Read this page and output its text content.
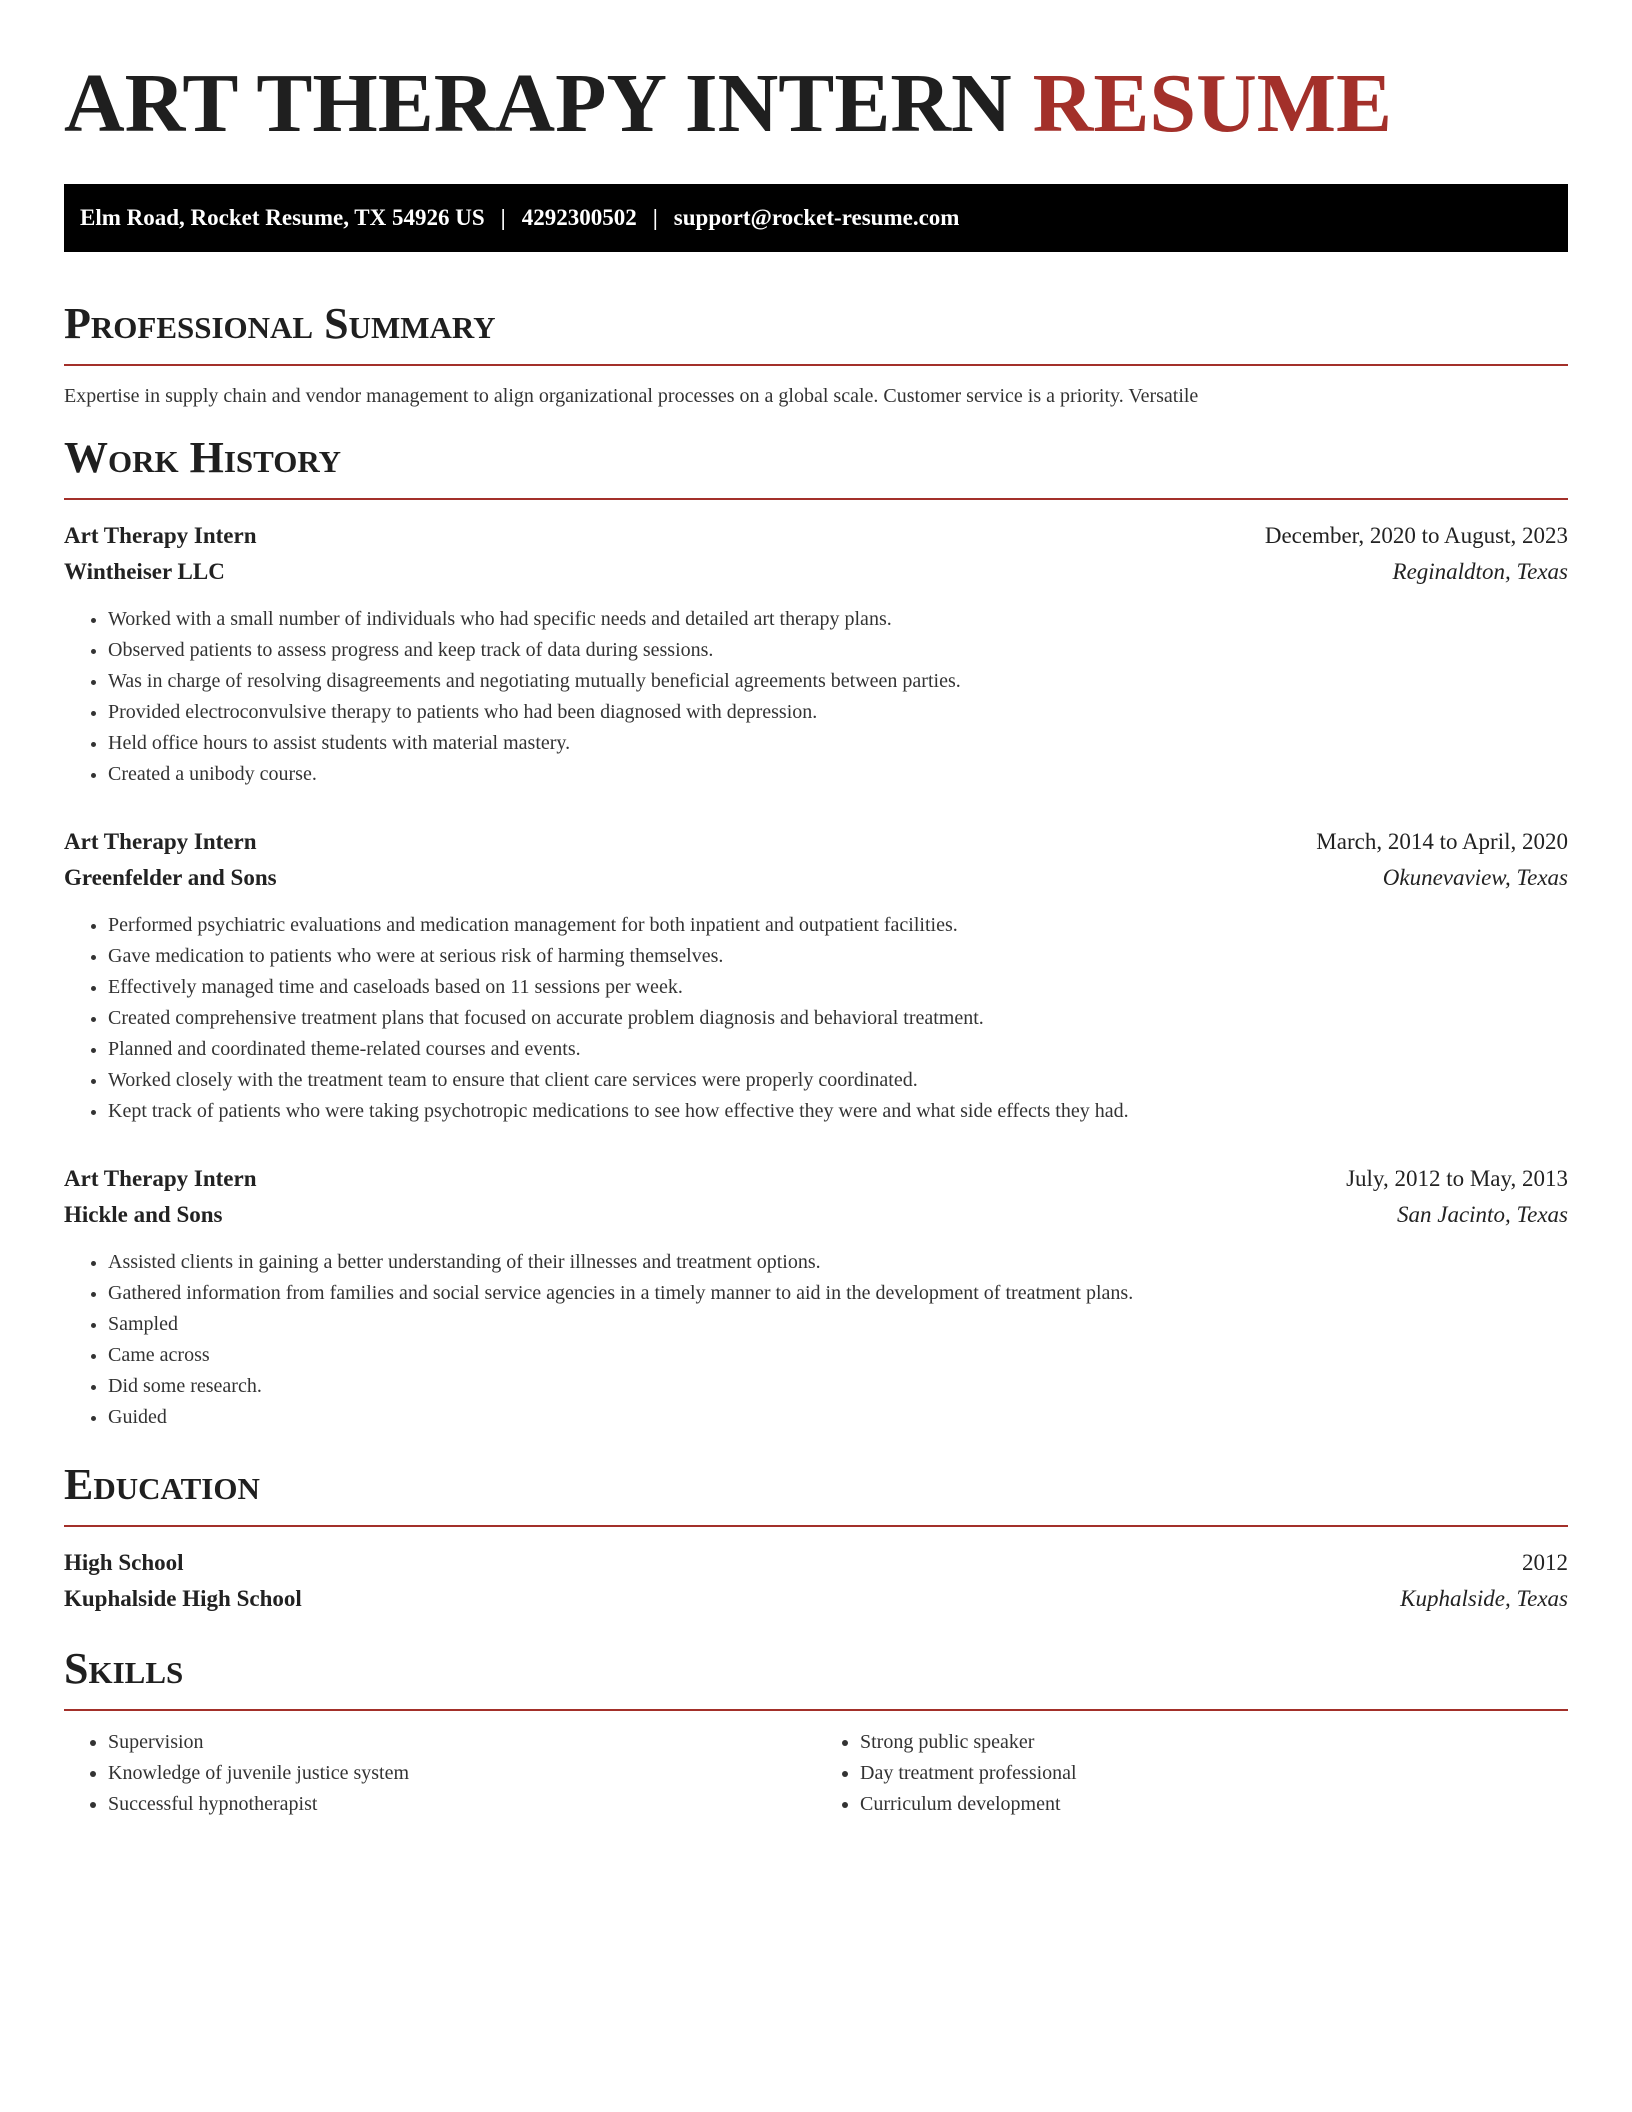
ART THERAPY INTERN RESUME
Elm Road, Rocket Resume, TX 54926 US | 4292300502 | support@rocket-resume.com
Professional Summary

Expertise in supply chain and vendor management to align organizational processes on a global scale. Customer service is a priority. Versatile

Work History
Art Therapy Intern	December, 2020 to August, 2023
Wintheiser LLC	Reginaldton, Texas
• Worked with a small number of individuals who had specific needs and detailed art therapy plans.
• Observed patients to assess progress and keep track of data during sessions.
• Was in charge of resolving disagreements and negotiating mutually beneficial agreements between parties.
• Provided electroconvulsive therapy to patients who had been diagnosed with depression.
• Held office hours to assist students with material mastery.
• Created a unibody course.
Art Therapy Intern	March, 2014 to April, 2020
Greenfelder and Sons	Okunevaview, Texas
• Performed psychiatric evaluations and medication management for both inpatient and outpatient facilities.
• Gave medication to patients who were at serious risk of harming themselves.
• Effectively managed time and caseloads based on 11 sessions per week.
• Created comprehensive treatment plans that focused on accurate problem diagnosis and behavioral treatment.
• Planned and coordinated theme-related courses and events.
• Worked closely with the treatment team to ensure that client care services were properly coordinated.
• Kept track of patients who were taking psychotropic medications to see how effective they were and what side effects they had.
Art Therapy Intern	July, 2012 to May, 2013
Hickle and Sons	San Jacinto, Texas
• Assisted clients in gaining a better understanding of their illnesses and treatment options.
• Gathered information from families and social service agencies in a timely manner to aid in the development of treatment plans.
• Sampled
• Came across
• Did some research.
• Guided
Education
High School	2012
Kuphalside High School	Kuphalside, Texas
Skills
• Supervision
• Knowledge of juvenile justice system
• Successful hypnotherapist
• Strong public speaker
• Day treatment professional
• Curriculum development
